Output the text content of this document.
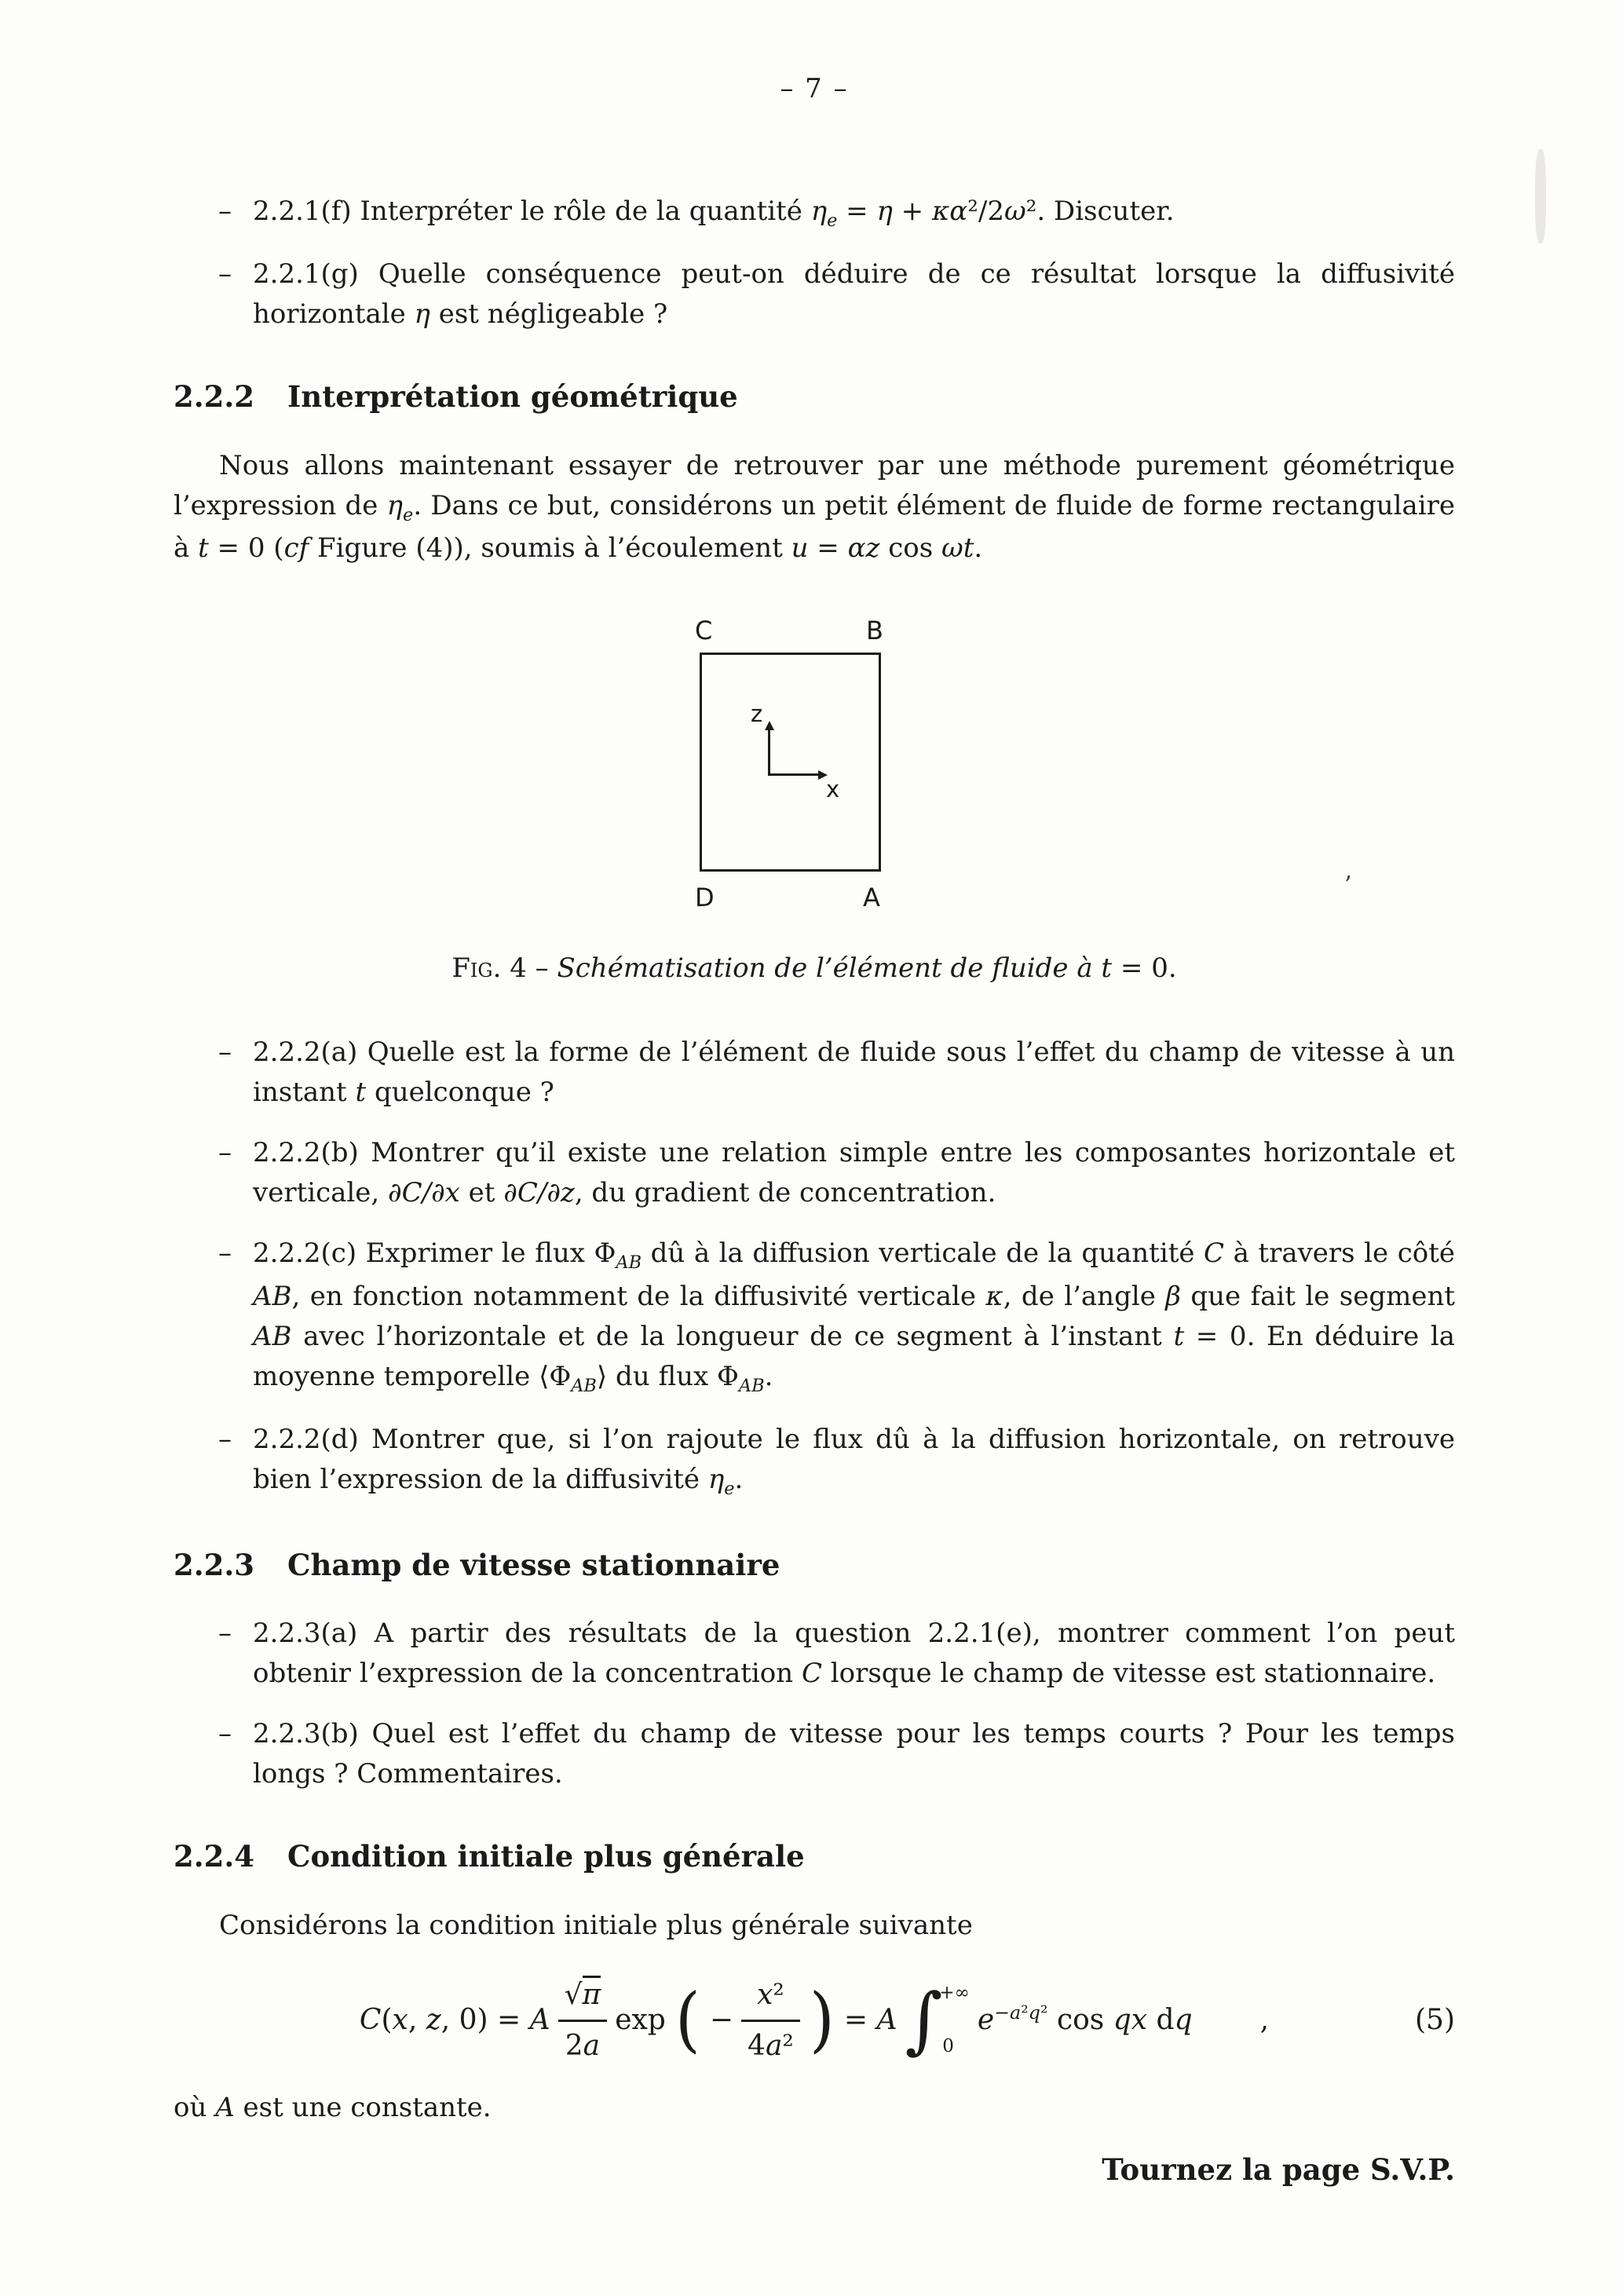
’
– 7 –
– 2.2.1(f) Interpréter le rôle de la quantité $\eta_e = \eta + \kappa\alpha^2/2\omega^2$. Discuter.

– 2.2.1(g) Quelle conséquence peut-on déduire de ce résultat lorsque la diffusivité horizontale η est négligeable ?

2.2.2 Interprétation géométrique

Nous allons maintenant essayer de retrouver par une méthode purement géométrique l’expression de $\eta_e$. Dans ce but, considérons un petit élément de fluide de forme rectangulaire à t = 0 (cf Figure (4)), soumis à l’écoulement u = αz cos ωt.

C	B
z
x
D	A

Fig. 4 – Schématisation de l’élément de fluide à t = 0.

– 2.2.2(a) Quelle est la forme de l’élément de fluide sous l’effet du champ de vitesse à un instant t quelconque ?

– 2.2.2(b) Montrer qu’il existe une relation simple entre les composantes horizontale et verticale, ∂C/∂x et ∂C/∂z, du gradient de concentration.

– 2.2.2(c) Exprimer le flux $\Phi_{AB}$ dû à la diffusion verticale de la quantité C à travers le côté AB, en fonction notamment de la diffusivité verticale κ, de l’angle β que fait le segment AB avec l’horizontale et de la longueur de ce segment à l’instant t = 0. En déduire la moyenne temporelle $⟨\Phi_{AB}⟩$ du flux $\Phi_{AB}$.

– 2.2.2(d) Montrer que, si l’on rajoute le flux dû à la diffusion horizontale, on retrouve bien l’expression de la diffusivité $\eta_e$.

2.2.3 Champ de vitesse stationnaire
– 2.2.3(a) A partir des résultats de la question 2.2.1(e), montrer comment l’on peut obtenir l’expression de la concentration C lorsque le champ de vitesse est stationnaire.

– 2.2.3(b) Quel est l’effet du champ de vitesse pour les temps courts ? Pour les temps longs ? Commentaires.

2.2.4 Condition initiale plus générale

Considérons la condition initiale plus générale suivante

C(x, z, 0) = A $\frac{√\pi}{2a}$ exp ( − $\frac{\text{x²}}{\text{4a²}}$ ) = A ∫
+∞
0
$e^{-a^2q^2}$ cos qx dq ,	(5)

où A est une constante.

Tournez la page S.V.P.
